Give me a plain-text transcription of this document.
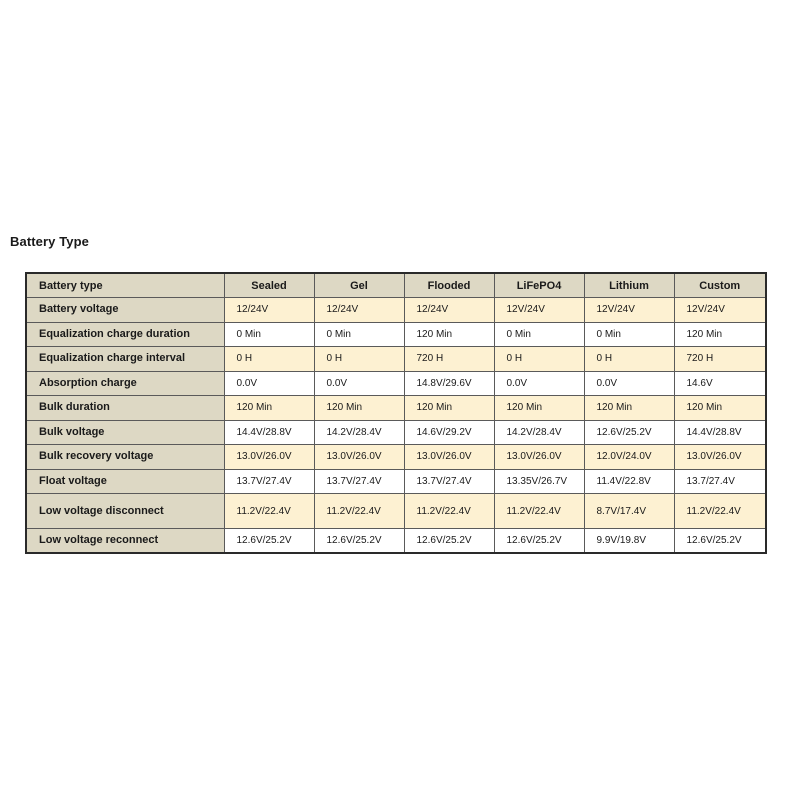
Battery Type
Battery type	Sealed	Gel	Flooded	LiFePO4	Lithium	Custom
Battery voltage	12/24V	12/24V	12/24V	12V/24V	12V/24V	12V/24V
Equalization charge duration	0 Min	0 Min	120 Min	0 Min	0 Min	120 Min
Equalization charge interval	0 H	0 H	720 H	0 H	0 H	720 H
Absorption charge	0.0V	0.0V	14.8V/29.6V	0.0V	0.0V	14.6V
Bulk duration	120 Min	120 Min	120 Min	120 Min	120 Min	120 Min
Bulk voltage	14.4V/28.8V	14.2V/28.4V	14.6V/29.2V	14.2V/28.4V	12.6V/25.2V	14.4V/28.8V
Bulk recovery voltage	13.0V/26.0V	13.0V/26.0V	13.0V/26.0V	13.0V/26.0V	12.0V/24.0V	13.0V/26.0V
Float voltage	13.7V/27.4V	13.7V/27.4V	13.7V/27.4V	13.35V/26.7V	11.4V/22.8V	13.7/27.4V
Low voltage disconnect	11.2V/22.4V	11.2V/22.4V	11.2V/22.4V	11.2V/22.4V	8.7V/17.4V	11.2V/22.4V
Low voltage reconnect	12.6V/25.2V	12.6V/25.2V	12.6V/25.2V	12.6V/25.2V	9.9V/19.8V	12.6V/25.2V
